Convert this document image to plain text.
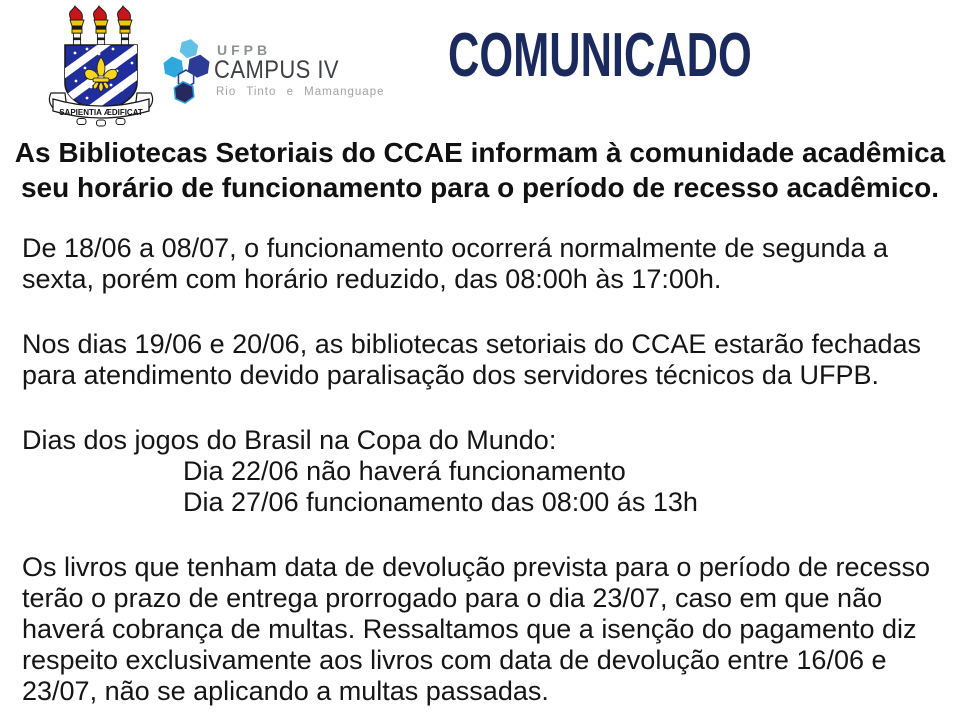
SAPIENTIA ÆDIFICAT
UFPB
CAMPUS IV
Rio Tinto e Mamanguape
COMUNICADO
As Bibliotecas Setoriais do CCAE informam à comunidade acadêmica
seu horário de funcionamento para o período de recesso acadêmico.
De 18/06 a 08/07, o funcionamento ocorrerá normalmente de segunda a
sexta, porém com horário reduzido, das 08:00h às 17:00h.
Nos dias 19/06 e 20/06, as bibliotecas setoriais do CCAE estarão fechadas
para atendimento devido paralisação dos servidores técnicos da UFPB.
Dias dos jogos do Brasil na Copa do Mundo:
Dia 22/06 não haverá funcionamento
Dia 27/06 funcionamento das 08:00 ás 13h
Os livros que tenham data de devolução prevista para o período de recesso
terão o prazo de entrega prorrogado para o dia 23/07, caso em que não
haverá cobrança de multas. Ressaltamos que a isenção do pagamento diz
respeito exclusivamente aos livros com data de devolução entre 16/06 e
23/07, não se aplicando a multas passadas.
